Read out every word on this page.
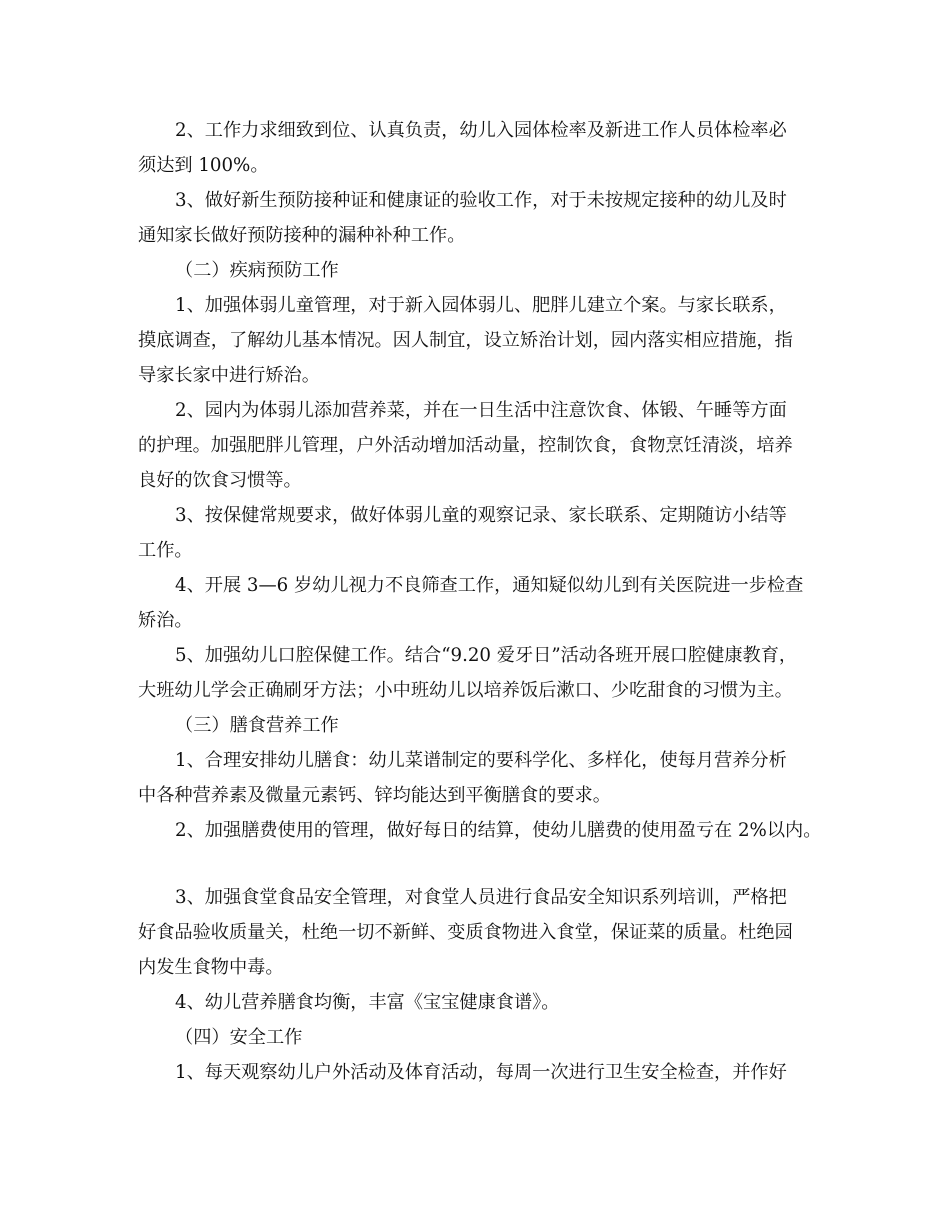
2、工作力求细致到位、认真负责，幼儿入园体检率及新进工作人员体检率必
须达到 100%。
3、做好新生预防接种证和健康证的验收工作，对于未按规定接种的幼儿及时
通知家长做好预防接种的漏种补种工作。
（二）疾病预防工作
1、加强体弱儿童管理，对于新入园体弱儿、肥胖儿建立个案。与家长联系，
摸底调查，了解幼儿基本情况。因人制宜，设立矫治计划，园内落实相应措施，指
导家长家中进行矫治。
2、园内为体弱儿添加营养菜，并在一日生活中注意饮食、体锻、午睡等方面
的护理。加强肥胖儿管理，户外活动增加活动量，控制饮食，食物烹饪清淡，培养
良好的饮食习惯等。
3、按保健常规要求，做好体弱儿童的观察记录、家长联系、定期随访小结等
工作。
4、开展 3—6 岁幼儿视力不良筛查工作，通知疑似幼儿到有关医院进一步检查
矫治。
5、加强幼儿口腔保健工作。结合“9.20 爱牙日”活动各班开展口腔健康教育，
大班幼儿学会正确刷牙方法；小中班幼儿以培养饭后漱口、少吃甜食的习惯为主。
（三）膳食营养工作
1、合理安排幼儿膳食：幼儿菜谱制定的要科学化、多样化，使每月营养分析
中各种营养素及微量元素钙、锌均能达到平衡膳食的要求。
2、加强膳费使用的管理，做好每日的结算，使幼儿膳费的使用盈亏在 2%以内。
3、加强食堂食品安全管理，对食堂人员进行食品安全知识系列培训，严格把
好食品验收质量关，杜绝一切不新鲜、变质食物进入食堂，保证菜的质量。杜绝园
内发生食物中毒。
4、幼儿营养膳食均衡，丰富《宝宝健康食谱》。
（四）安全工作
1、每天观察幼儿户外活动及体育活动，每周一次进行卫生安全检查，并作好
